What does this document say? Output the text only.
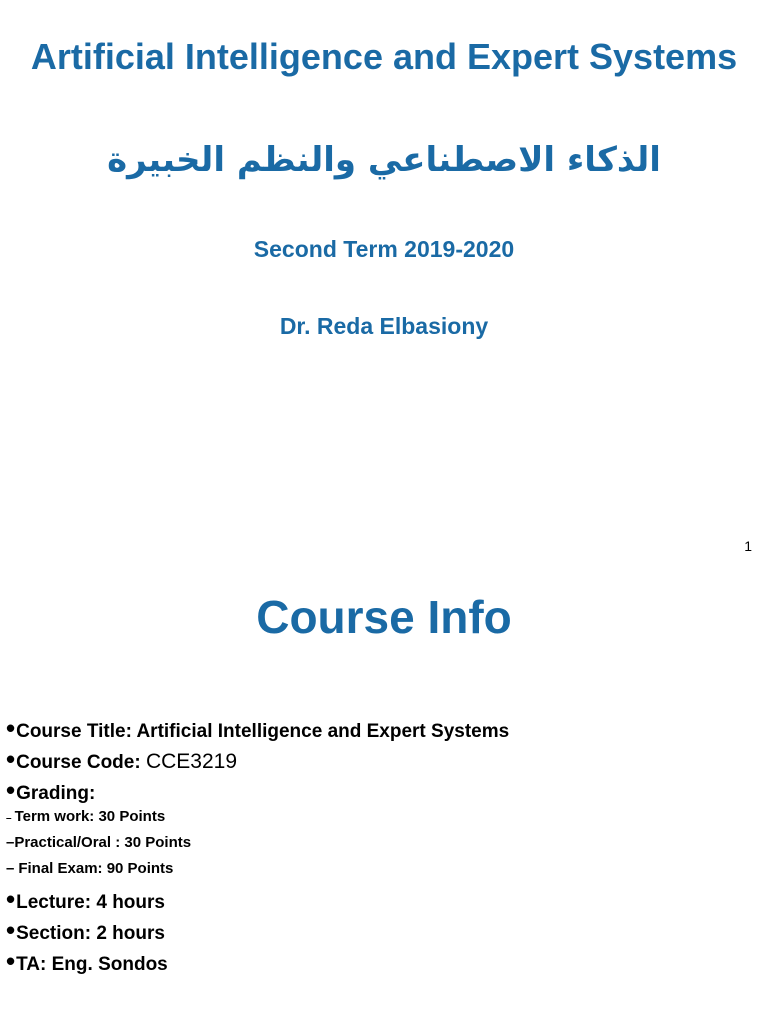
Artificial Intelligence and Expert Systems
الذكاء الاصطناعي والنظم الخبيرة
Second Term 2019-2020
Dr. Reda Elbasiony
1
Course Info
• Course Title: Artificial Intelligence and Expert Systems
• Course Code: CCE3219
• Grading:
– Term work: 30 Points
– Practical/Oral : 30 Points
– Final Exam: 90 Points
• Lecture: 4 hours
• Section: 2 hours
• TA: Eng. Sondos
